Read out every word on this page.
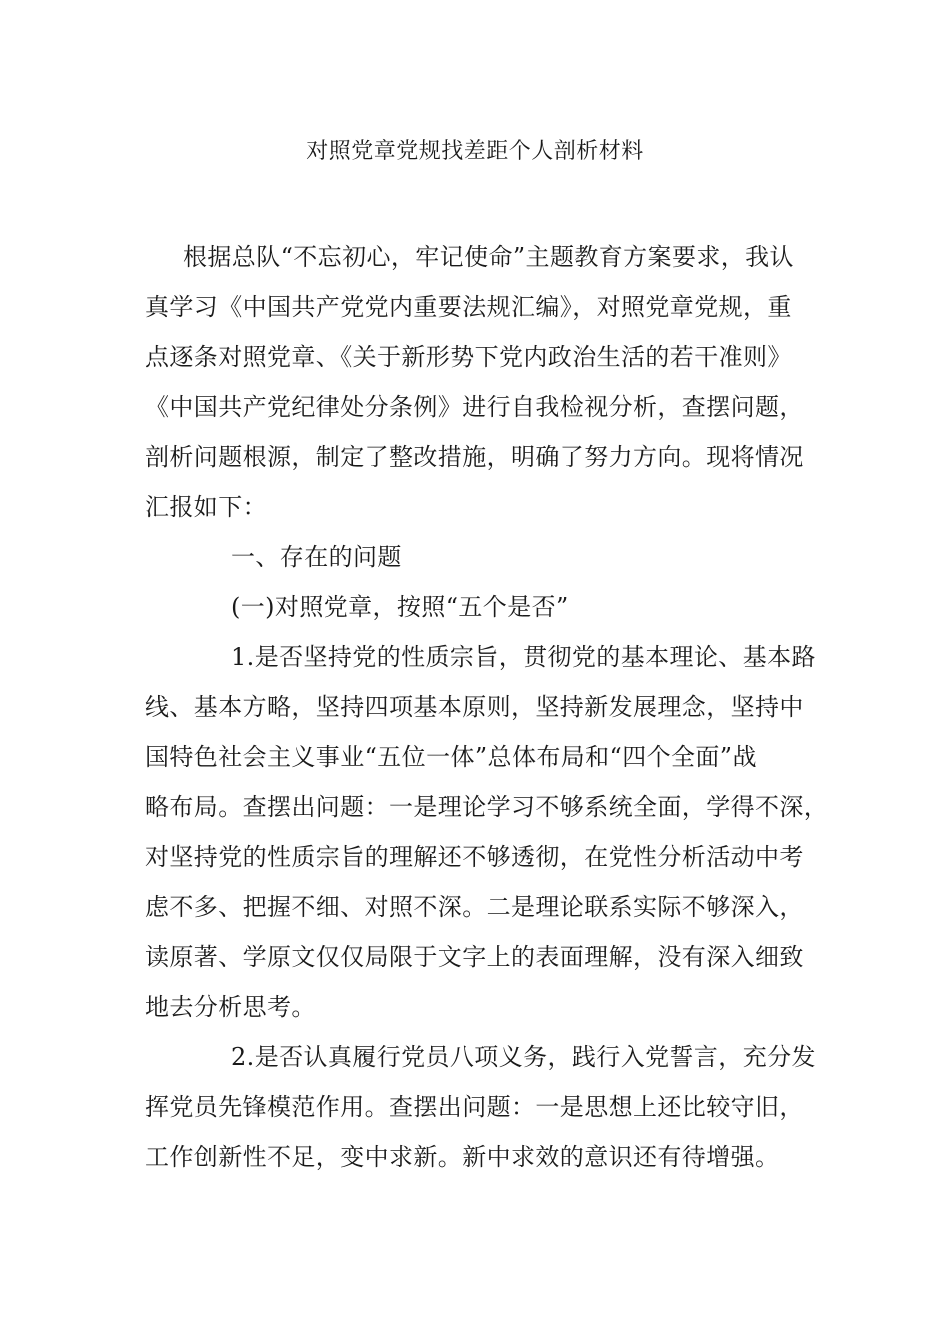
对照党章党规找差距个人剖析材料
根据总队“不忘初心，牢记使命”主题教育方案要求，我认
真学习《中国共产党党内重要法规汇编》，对照党章党规，重
点逐条对照党章、《关于新形势下党内政治生活的若干准则》
《中国共产党纪律处分条例》进行自我检视分析，查摆问题，
剖析问题根源，制定了整改措施，明确了努力方向。现将情况
汇报如下：
一、存在的问题
(一)对照党章，按照“五个是否”
1.是否坚持党的性质宗旨，贯彻党的基本理论、基本路
线、基本方略，坚持四项基本原则，坚持新发展理念，坚持中
国特色社会主义事业“五位一体”总体布局和“四个全面”战
略布局。查摆出问题：一是理论学习不够系统全面，学得不深，
对坚持党的性质宗旨的理解还不够透彻，在党性分析活动中考
虑不多、把握不细、对照不深。二是理论联系实际不够深入，
读原著、学原文仅仅局限于文字上的表面理解，没有深入细致
地去分析思考。
2.是否认真履行党员八项义务，践行入党誓言，充分发
挥党员先锋模范作用。查摆出问题：一是思想上还比较守旧，
工作创新性不足，变中求新。新中求效的意识还有待增强。
